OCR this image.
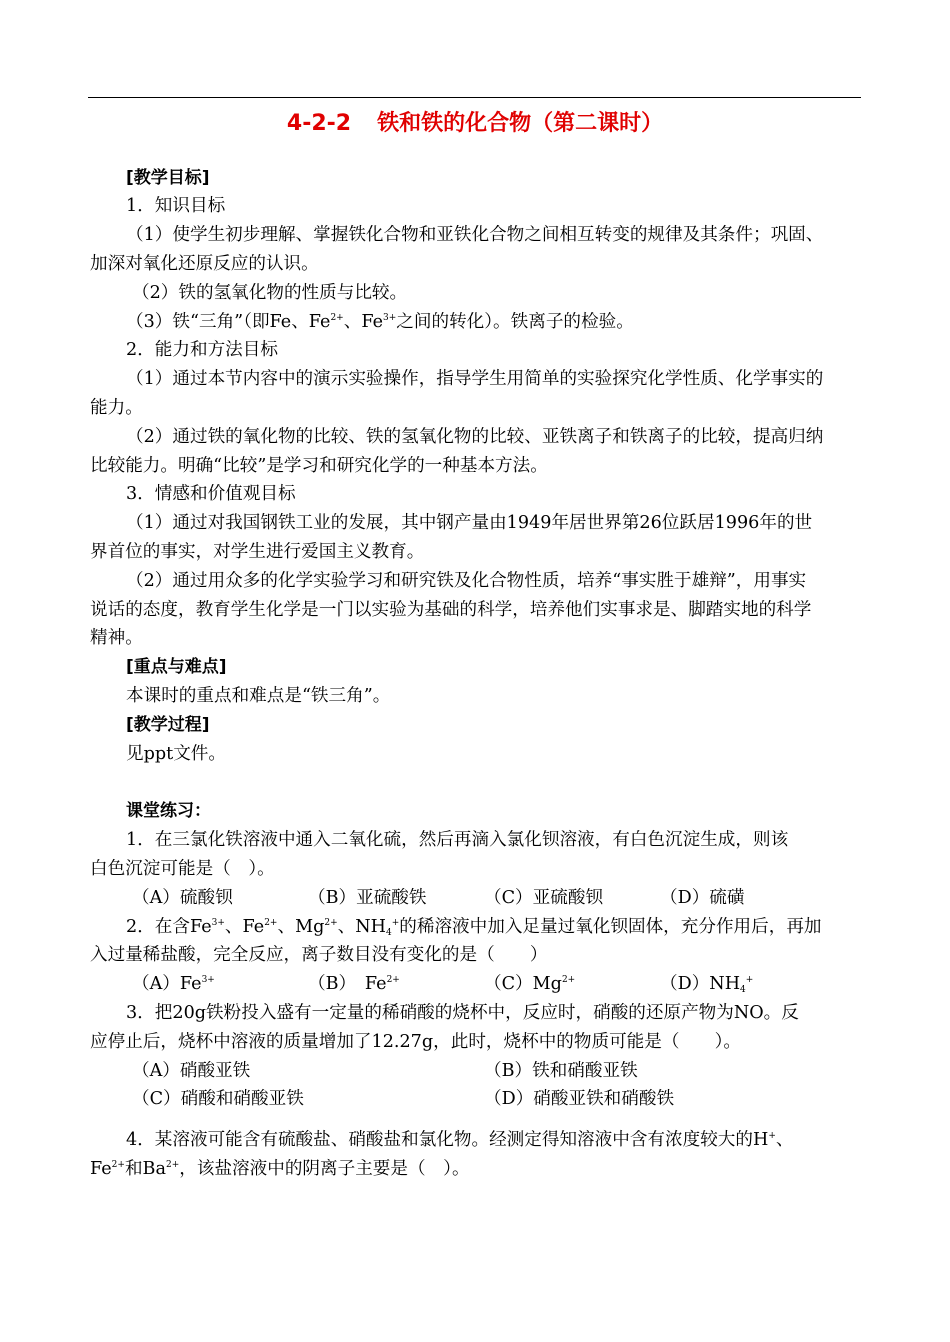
4-2-2 铁和铁的化合物（第二课时）
[教学目标]
1．知识目标
（1）使学生初步理解、掌握铁化合物和亚铁化合物之间相互转变的规律及其条件；巩固、
加深对氧化还原反应的认识。
（2）铁的氢氧化物的性质与比较。
（3）铁“三角”（即Fe、$Fe^{2+}$、$Fe^{3+}$之间的转化）。铁离子的检验。
2．能力和方法目标
（1）通过本节内容中的演示实验操作，指导学生用简单的实验探究化学性质、化学事实的
能力。
（2）通过铁的氧化物的比较、铁的氢氧化物的比较、亚铁离子和铁离子的比较，提高归纳
比较能力。明确“比较”是学习和研究化学的一种基本方法。
3．情感和价值观目标
（1）通过对我国钢铁工业的发展，其中钢产量由1949年居世界第26位跃居1996年的世
界首位的事实，对学生进行爱国主义教育。
（2）通过用众多的化学实验学习和研究铁及化合物性质，培养“事实胜于雄辩”，用事实
说话的态度，教育学生化学是一门以实验为基础的科学，培养他们实事求是、脚踏实地的科学
精神。
[重点与难点]
本课时的重点和难点是“铁三角”。
[教学过程]
见ppt文件。
课堂练习：
1．在三氯化铁溶液中通入二氧化硫，然后再滴入氯化钡溶液，有白色沉淀生成，则该
白色沉淀可能是（　）。
（A）硫酸钡	（B）亚硫酸铁	（C）亚硫酸钡	（D）硫磺
2．在含$Fe^{3+}$、$Fe^{2+}$、$Mg^{2+}$、$NH_4^+$的稀溶液中加入足量过氧化钡固体，充分作用后，再加
入过量稀盐酸，完全反应，离子数目没有变化的是（　　）
$(A)Fe^{3+}$	（B）　$Fe^{2+}$	$(C)Mg^{2+}$	$(D)NH_4^+$
3．把20g铁粉投入盛有一定量的稀硝酸的烧杯中，反应时，硝酸的还原产物为NO。反
应停止后，烧杯中溶液的质量增加了12.27g，此时，烧杯中的物质可能是（　　）。
（A）硝酸亚铁	（B）铁和硝酸亚铁
（C）硝酸和硝酸亚铁	（D）硝酸亚铁和硝酸铁
4．某溶液可能含有硫酸盐、硝酸盐和氯化物。经测定得知溶液中含有浓度较大的H+、
$Fe^{2+}$和$Ba^{2+}$，该盐溶液中的阴离子主要是（　）。
